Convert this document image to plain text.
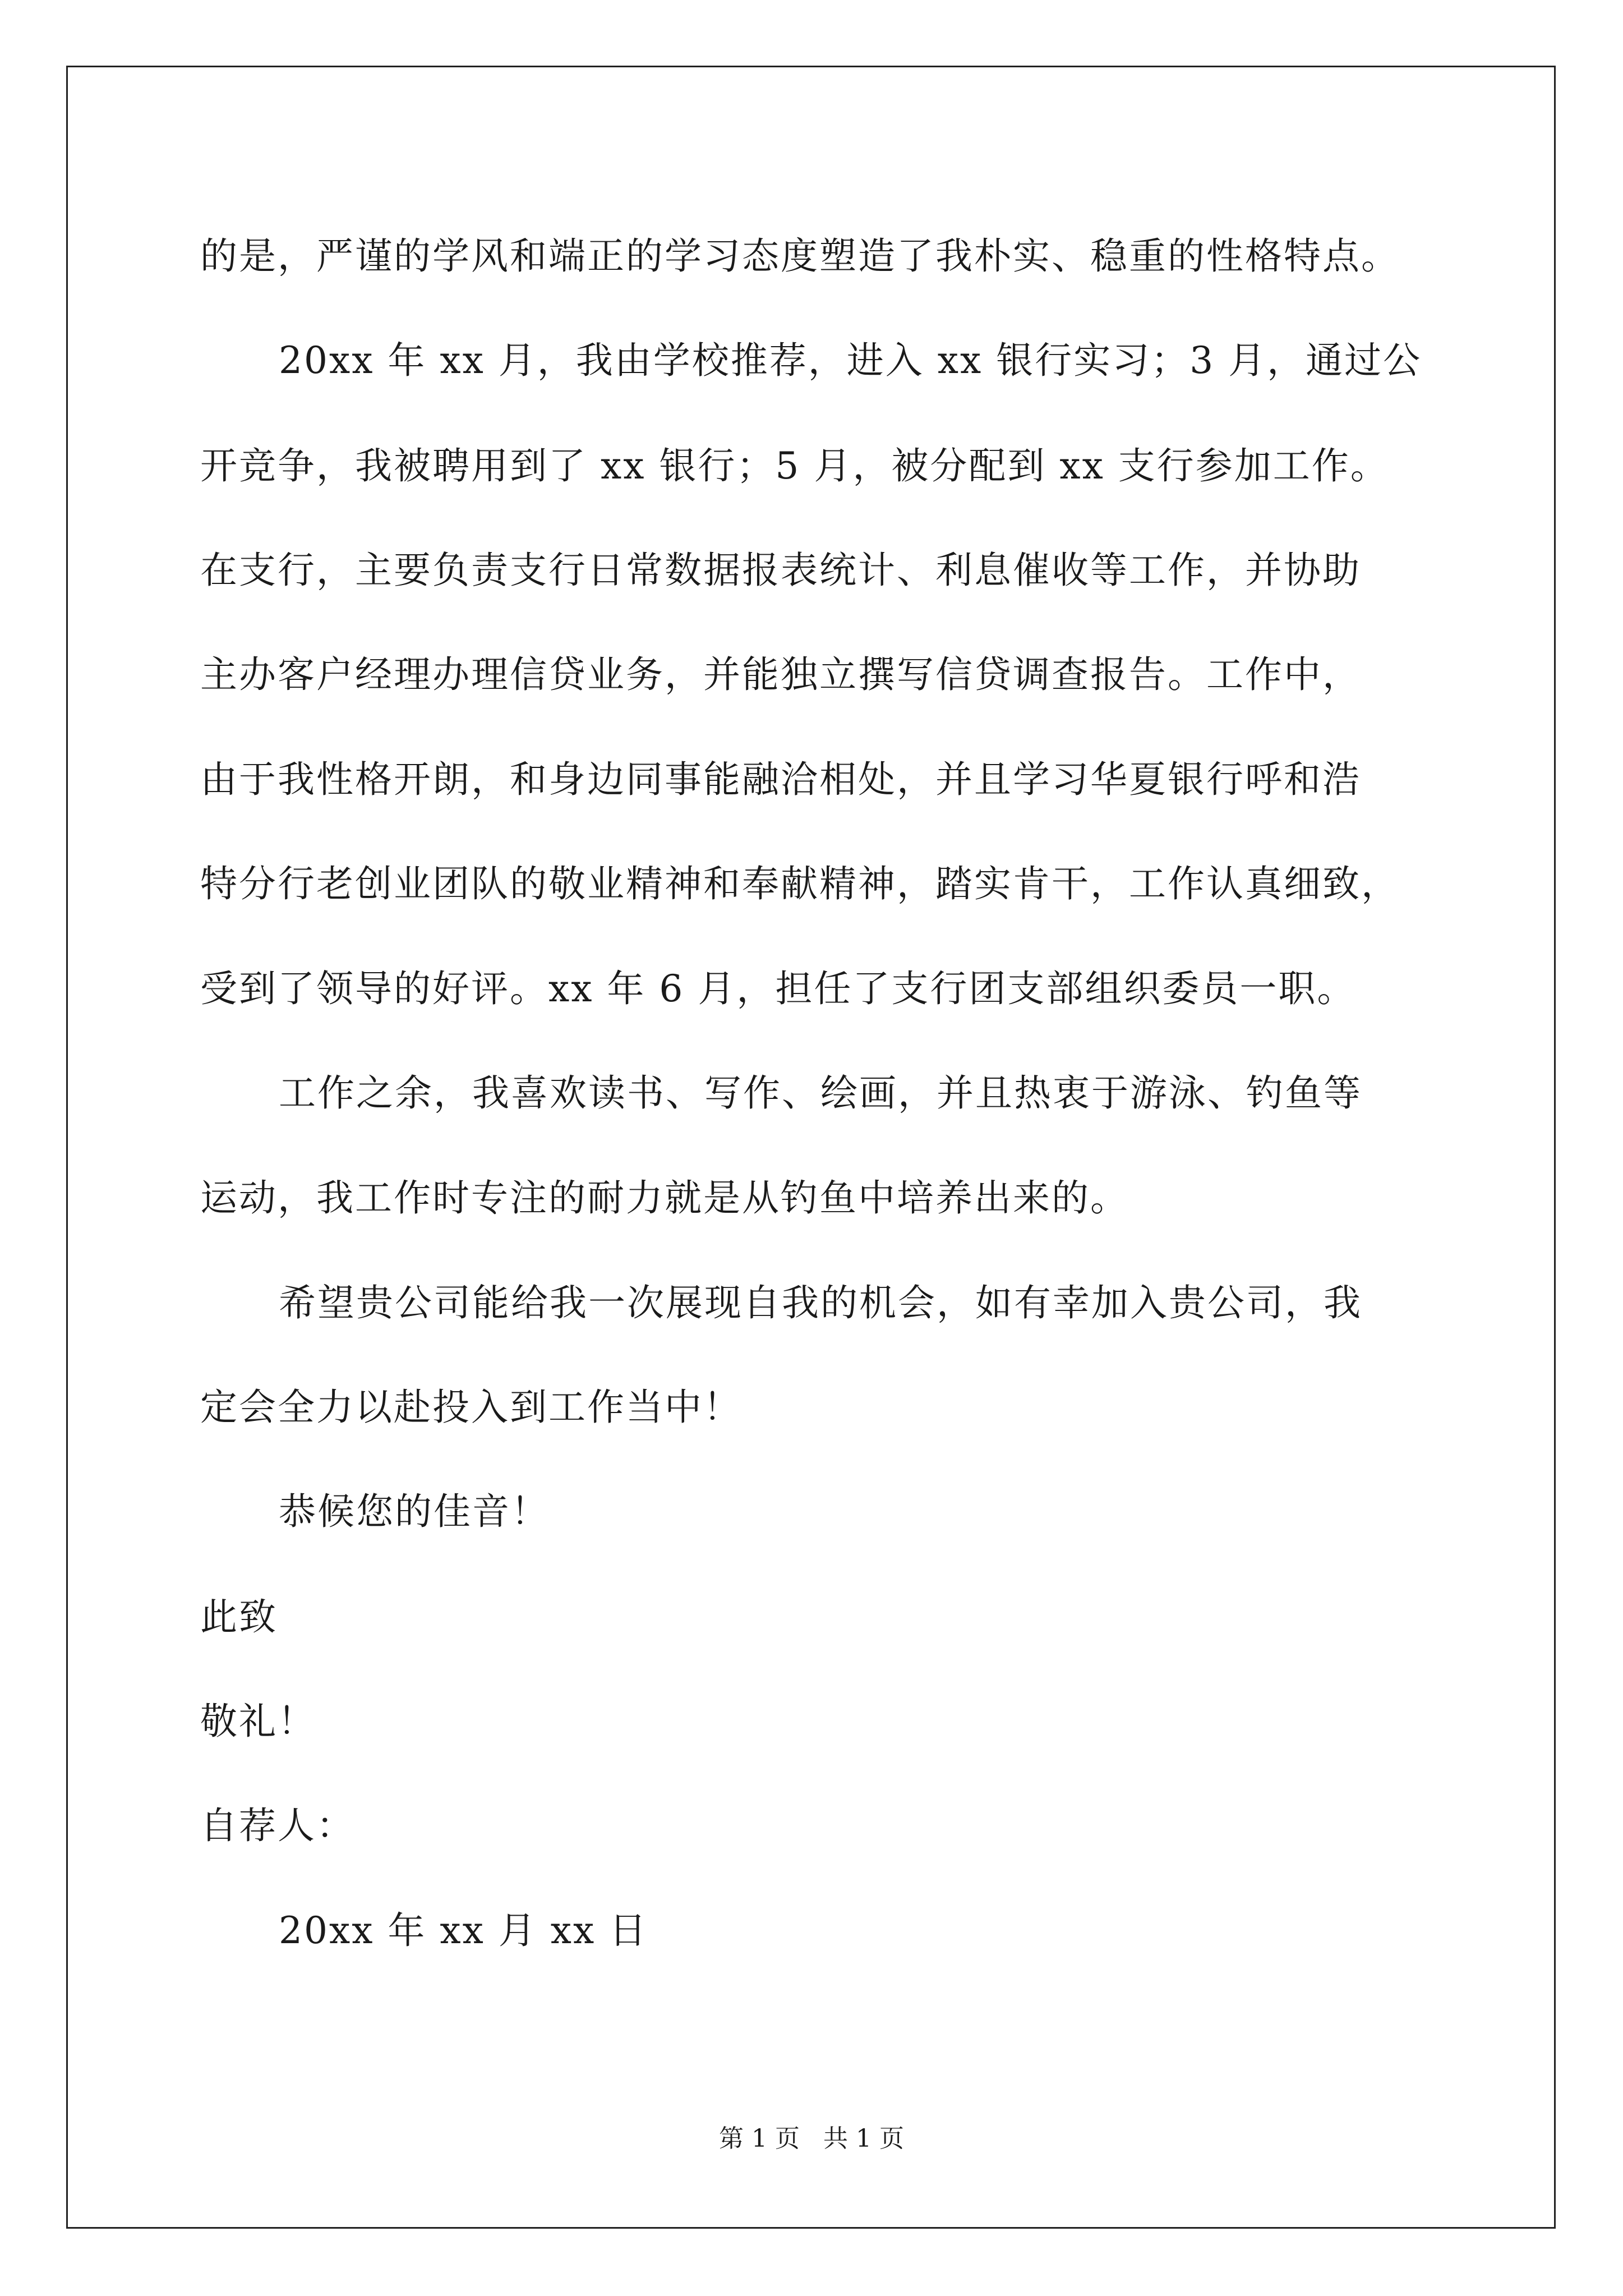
的是，严谨的学风和端正的学习态度塑造了我朴实、稳重的性格特点。
20xx 年 xx 月，我由学校推荐，进入 xx 银行实习；3 月，通过公
开竞争，我被聘用到了 xx 银行；5 月，被分配到 xx 支行参加工作。
在支行，主要负责支行日常数据报表统计、利息催收等工作，并协助
主办客户经理办理信贷业务，并能独立撰写信贷调查报告。工作中，
由于我性格开朗，和身边同事能融洽相处，并且学习华夏银行呼和浩
特分行老创业团队的敬业精神和奉献精神，踏实肯干，工作认真细致，
受到了领导的好评。xx 年 6 月，担任了支行团支部组织委员一职。
工作之余，我喜欢读书、写作、绘画，并且热衷于游泳、钓鱼等
运动，我工作时专注的耐力就是从钓鱼中培养出来的。
希望贵公司能给我一次展现自我的机会，如有幸加入贵公司，我
定会全力以赴投入到工作当中！
恭候您的佳音！
此致
敬礼！
自荐人：
20xx 年 xx 月 xx 日
第 1 页   共 1 页
